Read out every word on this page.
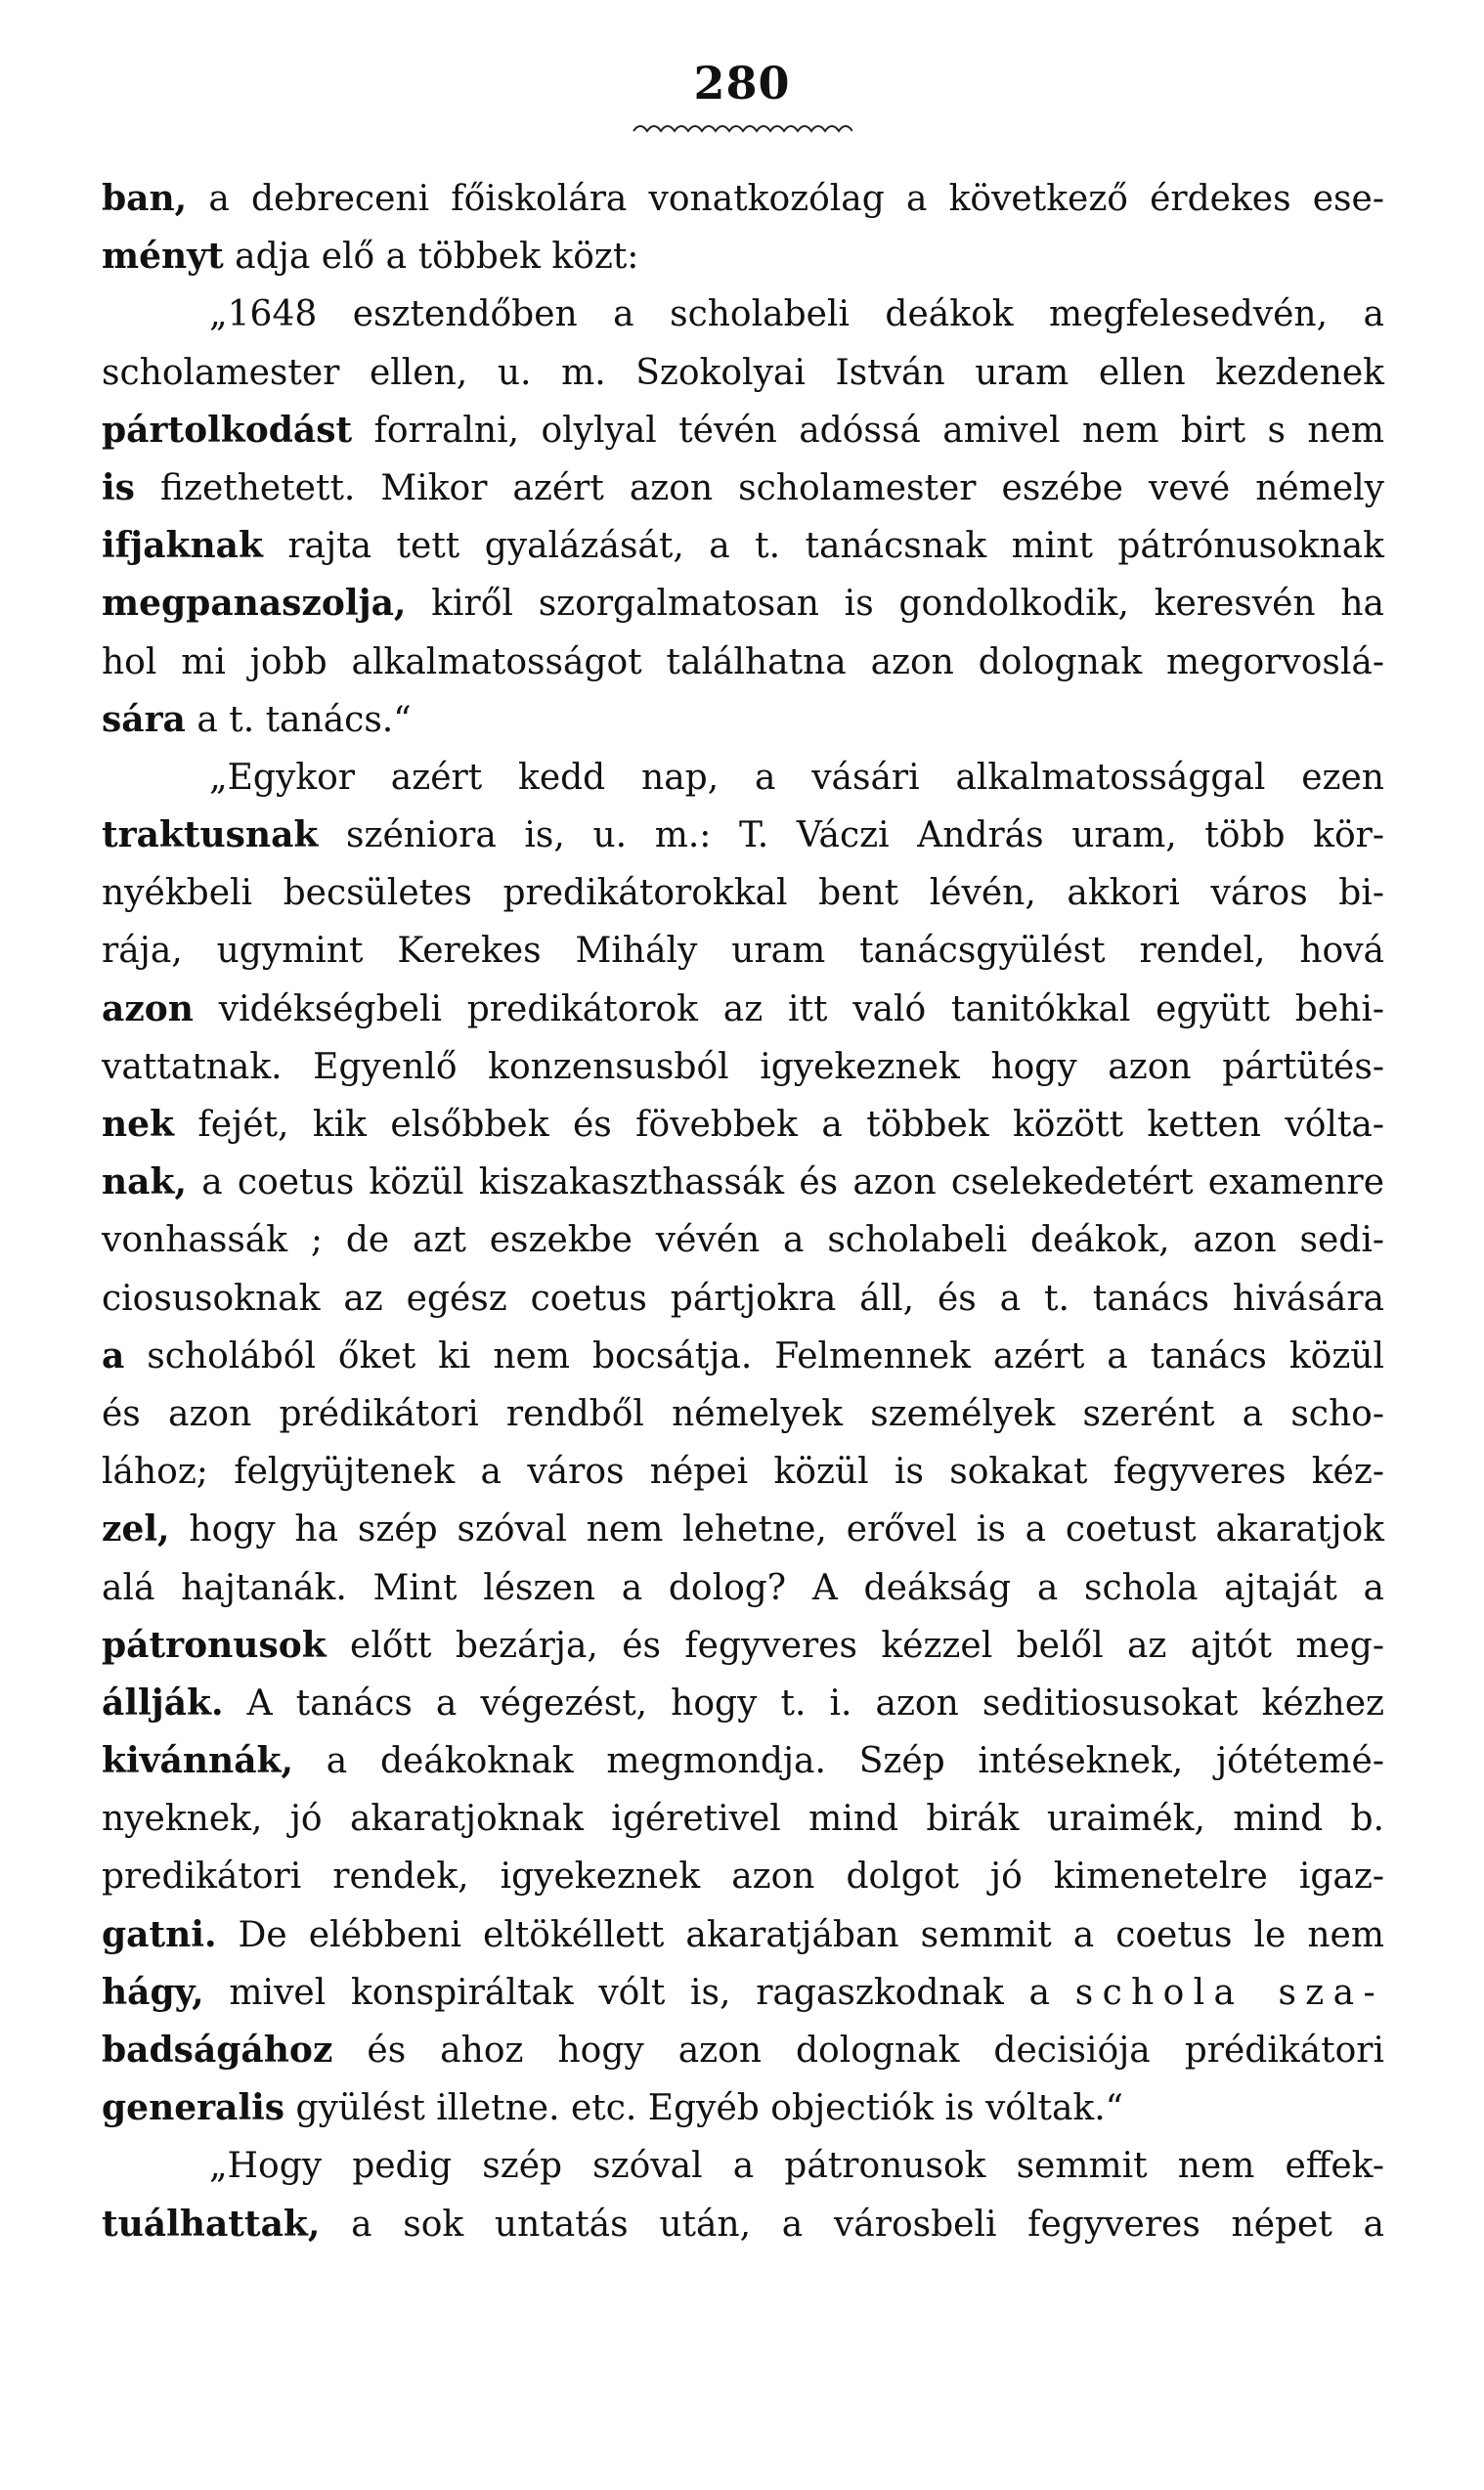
280
ban, a debreceni főiskolára vonatkozólag a következő érdekes ese-
ményt adja elő a többek közt:
„1648 esztendőben a scholabeli deákok megfelesedvén, a
scholamester ellen, u. m. Szokolyai István uram ellen kezdenek
pártolkodást forralni, olylyal tévén adóssá amivel nem birt s nem
is fizethetett. Mikor azért azon scholamester eszébe vevé némely
ifjaknak rajta tett gyalázását, a t. tanácsnak mint pátrónusoknak
megpanaszolja, kiről szorgalmatosan is gondolkodik, keresvén ha
hol mi jobb alkalmatosságot találhatna azon dolognak megorvoslá-
sára a t. tanács.“
„Egykor azért kedd nap, a vásári alkalmatossággal ezen
traktusnak széniora is, u. m.: T. Váczi András uram, több kör-
nyékbeli becsületes predikátorokkal bent lévén, akkori város bi-
rája, ugymint Kerekes Mihály uram tanácsgyülést rendel, hová
azon vidékségbeli predikátorok az itt való tanitókkal együtt behi-
vattatnak. Egyenlő konzensusból igyekeznek hogy azon pártütés-
nek fejét, kik elsőbbek és fövebbek a többek között ketten vólta-
nak, a coetus közül kiszakaszthassák és azon cselekedetért examenre
vonhassák ; de azt eszekbe vévén a scholabeli deákok, azon sedi-
ciosusoknak az egész coetus pártjokra áll, és a t. tanács hivására
a scholából őket ki nem bocsátja. Felmennek azért a tanács közül
és azon prédikátori rendből némelyek személyek szerént a scho-
lához; felgyüjtenek a város népei közül is sokakat fegyveres kéz-
zel, hogy ha szép szóval nem lehetne, erővel is a coetust akaratjok
alá hajtanák. Mint lészen a dolog? A deákság a schola ajtaját a
pátronusok előtt bezárja, és fegyveres kézzel belől az ajtót meg-
állják. A tanács a végezést, hogy t. i. azon seditiosusokat kézhez
kivánnák, a deákoknak megmondja. Szép intéseknek, jótétemé-
nyeknek, jó akaratjoknak igéretivel mind birák uraimék, mind b.
predikátori rendek, igyekeznek azon dolgot jó kimenetelre igaz-
gatni. De elébbeni eltökéllett akaratjában semmit a coetus le nem
hágy, mivel konspiráltak vólt is, ragaszkodnak a schola sza-
badságához és ahoz hogy azon dolognak decisiója prédikátori
generalis gyülést illetne. etc. Egyéb objectiók is vóltak.“
„Hogy pedig szép szóval a pátronusok semmit nem effek-
tuálhattak, a sok untatás után, a városbeli fegyveres népet a
